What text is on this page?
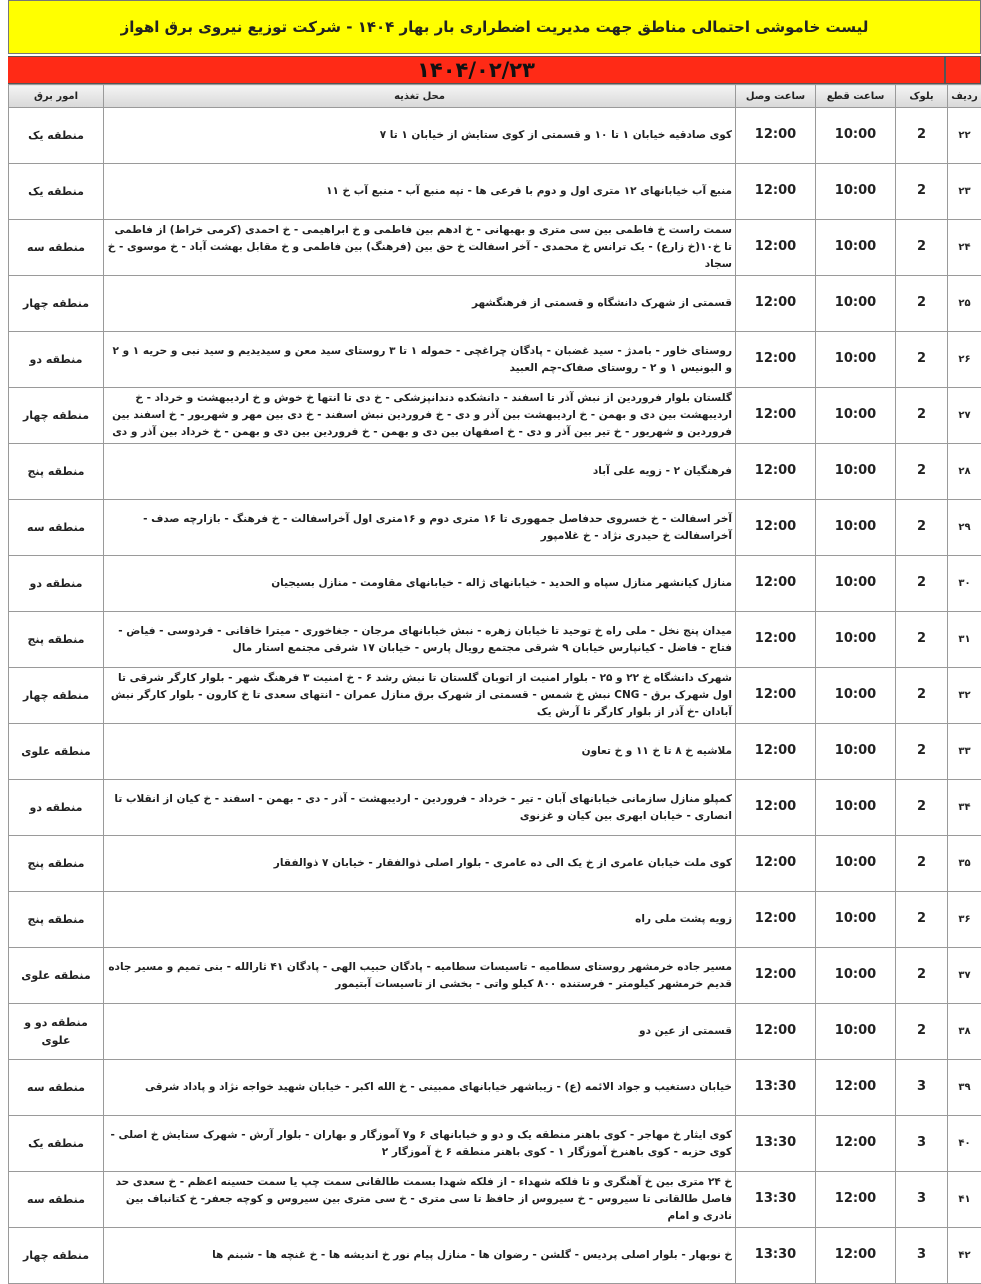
لیست خاموشی احتمالی مناطق جهت مدیریت اضطراری بار بهار ۱۴۰۴ - شرکت توزیع نیروی برق اهواز
۱۴۰۴/۰۲/۲۳
ردیف	بلوک	ساعت قطع	ساعت وصل	محل تغذیه	امور برق
۲۲	2	10:00	12:00	کوی صادقیه خیابان ۱ تا ۱۰ و قسمتی از کوی ستایش از خیابان ۱ تا ۷	منطقه یک
۲۳	2	10:00	12:00	منبع آب خیابانهای ۱۲ متری اول و دوم با فرعی ها - تپه منبع آب - منبع آب خ ۱۱	منطقه یک
۲۴	2	10:00	12:00	سمت راست خ فاطمی بین سی متری و بهبهانی - خ ادهم بین فاطمی و خ ابراهیمی - خ احمدی (کرمی خراط) از فاطمی تا خ۱۰(خ زارع) - یک ترانس خ محمدی - آخر اسفالت خ حق بین (فرهنگ) بین فاطمی و خ مقابل بهشت آباد - خ موسوی - خ سجاد	منطقه سه
۲۵	2	10:00	12:00	قسمتی از شهرک دانشگاه و قسمتی از فرهنگشهر	منطقه چهار
۲۶	2	10:00	12:00	روستای خاور - بامدژ - سید غضبان - پادگان چراغچی - حموله ۱ تا ۳ روستای سید معن و سیدیدیم و سید نبی و حریه ۱ و ۲ و البونیس ۱ و ۲ - روستای صفاک-چم العبید	منطقه دو
۲۷	2	10:00	12:00	گلستان بلوار فروردین از نبش آذر تا اسفند - دانشکده دندانپزشکی - خ دی تا انتها خ خوش و خ اردیبهشت و خرداد - خ اردیبهشت بین دی و بهمن - خ اردیبهشت بین آذر و دی - خ فروردین نبش اسفند - خ دی بین مهر و شهریور - خ اسفند بین فروردین و شهریور - خ تیر بین آذر و دی - خ اصفهان بین دی و بهمن - خ فروردین بین دی و بهمن - خ خرداد بین آذر و دی	منطقه چهار
۲۸	2	10:00	12:00	فرهنگیان ۲ - زویه علی آباد	منطقه پنج
۲۹	2	10:00	12:00	آخر اسفالت - خ خسروی حدفاصل جمهوری تا ۱۶ متری دوم و ۱۶متری اول آخراسفالت - خ فرهنگ - بازارچه صدف - آخراسفالت خ حیدری نژاد - خ غلامپور	منطقه سه
۳۰	2	10:00	12:00	منازل کیانشهر منازل سپاه و الحدید - خیابانهای ژاله - خیابانهای مقاومت - منازل بسیجیان	منطقه دو
۳۱	2	10:00	12:00	میدان پنج نخل - ملی راه خ توحید تا خیابان زهره - نبش خیابانهای مرجان - جغاخوری - میترا خاقانی - فردوسی - فیاض - فتاح - فاضل - کیانپارس خیابان ۹ شرقی مجتمع رویال پارس - خیابان ۱۷ شرقی مجتمع استار مال	منطقه پنج
۳۲	2	10:00	12:00	شهرک دانشگاه خ ۲۲ و ۲۵ - بلوار امنیت از اتوبان گلستان تا نبش رشد ۶ - خ امنیت ۳ فرهنگ شهر - بلوار کارگر شرقی تا اول شهرک برق - CNG نبش خ شمس - قسمتی از شهرک برق منازل عمران - انتهای سعدی تا خ کارون - بلوار کارگر نبش آبادان -خ آذر از بلوار کارگر تا آرش یک	منطقه چهار
۳۳	2	10:00	12:00	ملاشیه خ ۸ تا خ ۱۱ و خ تعاون	منطقه علوی
۳۴	2	10:00	12:00	کمپلو منازل سازمانی خیابانهای آبان - تیر - خرداد - فروردین - اردیبهشت - آذر - دی - بهمن - اسفند - خ کیان از انقلاب تا انصاری - خیابان ابهری بین کیان و غزنوی	منطقه دو
۳۵	2	10:00	12:00	کوی ملت خیابان عامری از خ یک الی ده عامری - بلوار اصلی ذوالفقار - خیابان ۷ ذوالفقار	منطقه پنج
۳۶	2	10:00	12:00	زویه پشت ملی راه	منطقه پنج
۳۷	2	10:00	12:00	مسیر جاده خرمشهر روستای سطامیه - تاسیسات سطامیه - پادگان حبیب الهی - پادگان ۴۱ ثارالله - بنی تمیم و مسیر جاده قدیم خرمشهر کیلومتر - فرستنده ۸۰۰ کیلو واتی - بخشی از تاسیسات آبتیمور	منطقه علوی
۳۸	2	10:00	12:00	قسمتی از عین دو	منطقه دو و علوی
۳۹	3	12:00	13:30	خیابان دستغیب و جواد الائمه (ع) - زیباشهر خیابانهای ممبینی - خ الله اکبر - خیابان شهید خواجه نژاد و پاداد شرقی	منطقه سه
۴۰	3	12:00	13:30	کوی ایثار خ مهاجر - کوی باهنر منطقه یک و دو و خیابانهای ۶ و۷ آموزگار و بهاران - بلوار آرش - شهرک ستایش خ اصلی - کوی حزبه - کوی باهنرخ آموزگار ۱ - کوی باهنر منطقه ۶ خ آموزگار ۲	منطقه یک
۴۱	3	12:00	13:30	خ ۲۴ متری بین خ آهنگری و تا فلکه شهداء - از فلکه شهدا بسمت طالقانی سمت چپ یا سمت حسینه اعظم - خ سعدی حد فاصل طالقانی تا سیروس - خ سیروس از حافظ تا سی متری - خ سی متری بین سیروس و کوچه جعفر- خ کتانباف بین نادری و امام	منطقه سه
۴۲	3	12:00	13:30	خ نوبهار - بلوار اصلی پردیس - گلشن - رضوان ها - منازل پیام نور خ اندیشه ها - خ غنچه ها - شبنم ها	منطقه چهار
